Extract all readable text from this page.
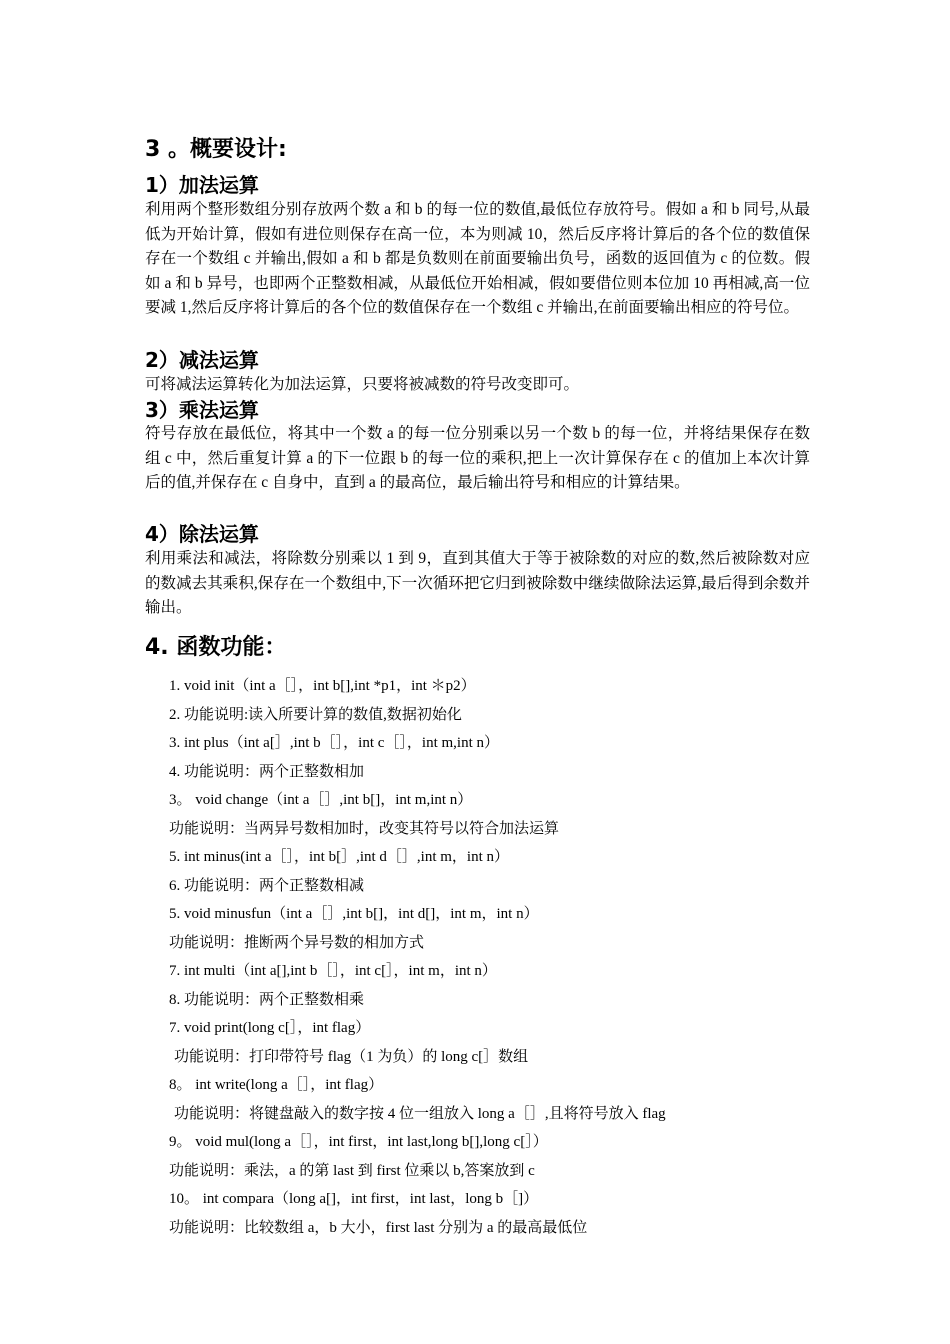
3 。概要设计:
1）加法运算
利用两个整形数组分别存放两个数 a 和 b 的每一位的数值,最低位存放符号。假如 a 和 b 同号,从最低为开始计算，假如有进位则保存在高一位，本为则减 10，然后反序将计算后的各个位的数值保存在一个数组 c 并输出,假如 a 和 b 都是负数则在前面要输出负号，函数的返回值为 c 的位数。假如 a 和 b 异号，也即两个正整数相减，从最低位开始相减，假如要借位则本位加 10 再相减,高一位要减 1,然后反序将计算后的各个位的数值保存在一个数组 c 并输出,在前面要输出相应的符号位。
2）减法运算
可将减法运算转化为加法运算，只要将被减数的符号改变即可。
3）乘法运算
符号存放在最低位，将其中一个数 a 的每一位分别乘以另一个数 b 的每一位，并将结果保存在数组 c 中，然后重复计算 a 的下一位跟 b 的每一位的乘积,把上一次计算保存在 c 的值加上本次计算后的值,并保存在 c 自身中，直到 a 的最高位，最后输出符号和相应的计算结果。
4）除法运算
利用乘法和减法，将除数分别乘以 1 到 9，直到其值大于等于被除数的对应的数,然后被除数对应的数减去其乘积,保存在一个数组中,下一次循环把它归到被除数中继续做除法运算,最后得到余数并输出。
4. 函数功能：
1. void init（int a［］，int b[],int *p1，int ＊p2）
2. 功能说明:读入所要计算的数值,数据初始化
3. int plus（int a[］,int b［］，int c［］，int m,int n）
4. 功能说明：两个正整数相加
3。 void change（int a［］,int b[]，int m,int n）
功能说明：当两异号数相加时，改变其符号以符合加法运算
5. int minus(int a［］，int b[］,int d［］,int m，int n）
6. 功能说明：两个正整数相减
5. void minusfun（int a［］,int b[]，int d[]，int m，int n）
功能说明：推断两个异号数的相加方式
7. int multi（int a[],int b［］，int c[］，int m，int n）
8. 功能说明：两个正整数相乘
7. void print(long c[］，int flag）
功能说明：打印带符号 flag（1 为负）的 long c[］数组
8。 int write(long a［］，int flag）
功能说明：将键盘敲入的数字按 4 位一组放入 long a［］,且将符号放入 flag
9。 void mul(long a［］，int first，int last,long b[],long c[］）
功能说明：乘法，a 的第 last 到 first 位乘以 b,答案放到 c
10。 int compara（long a[]，int first，int last，long b［]）
功能说明：比较数组 a，b 大小，first last 分别为 a 的最高最低位
